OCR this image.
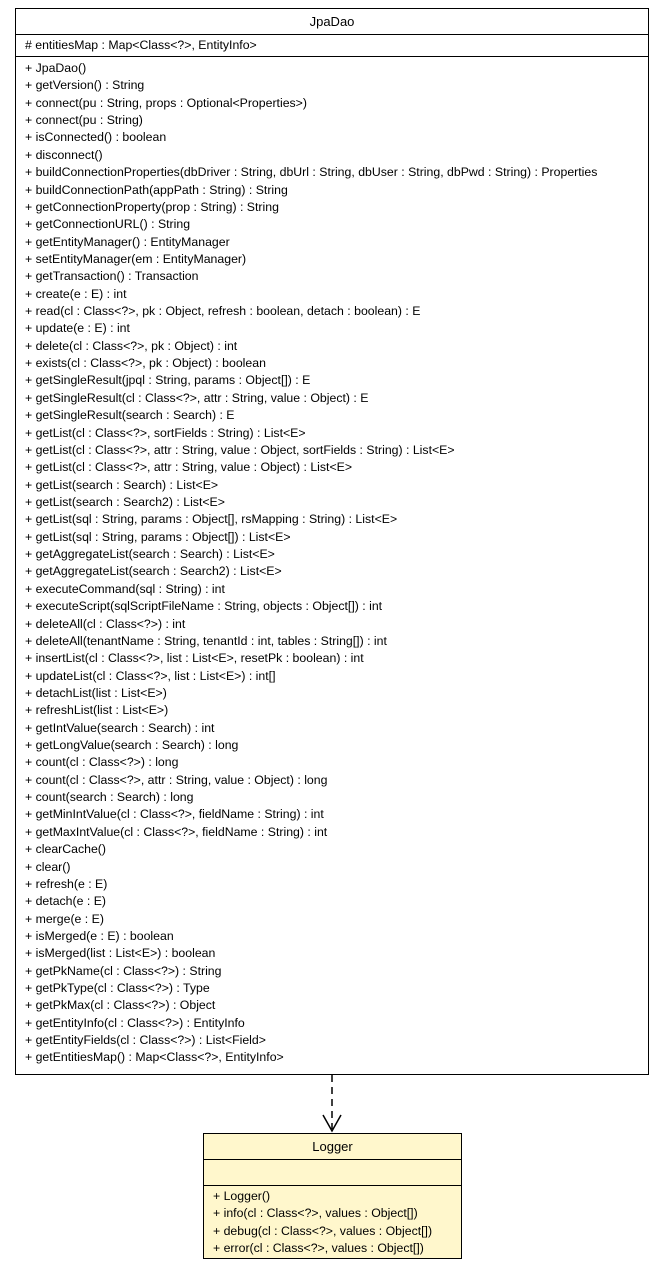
JpaDao
# entitiesMap : Map<Class<?>, EntityInfo>
+ JpaDao()
+ getVersion() : String
+ connect(pu : String, props : Optional<Properties>)
+ connect(pu : String)
+ isConnected() : boolean
+ disconnect()
+ buildConnectionProperties(dbDriver : String, dbUrl : String, dbUser : String, dbPwd : String) : Properties
+ buildConnectionPath(appPath : String) : String
+ getConnectionProperty(prop : String) : String
+ getConnectionURL() : String
+ getEntityManager() : EntityManager
+ setEntityManager(em : EntityManager)
+ getTransaction() : Transaction
+ create(e : E) : int
+ read(cl : Class<?>, pk : Object, refresh : boolean, detach : boolean) : E
+ update(e : E) : int
+ delete(cl : Class<?>, pk : Object) : int
+ exists(cl : Class<?>, pk : Object) : boolean
+ getSingleResult(jpql : String, params : Object[]) : E
+ getSingleResult(cl : Class<?>, attr : String, value : Object) : E
+ getSingleResult(search : Search) : E
+ getList(cl : Class<?>, sortFields : String) : List<E>
+ getList(cl : Class<?>, attr : String, value : Object, sortFields : String) : List<E>
+ getList(cl : Class<?>, attr : String, value : Object) : List<E>
+ getList(search : Search) : List<E>
+ getList(search : Search2) : List<E>
+ getList(sql : String, params : Object[], rsMapping : String) : List<E>
+ getList(sql : String, params : Object[]) : List<E>
+ getAggregateList(search : Search) : List<E>
+ getAggregateList(search : Search2) : List<E>
+ executeCommand(sql : String) : int
+ executeScript(sqlScriptFileName : String, objects : Object[]) : int
+ deleteAll(cl : Class<?>) : int
+ deleteAll(tenantName : String, tenantId : int, tables : String[]) : int
+ insertList(cl : Class<?>, list : List<E>, resetPk : boolean) : int
+ updateList(cl : Class<?>, list : List<E>) : int[]
+ detachList(list : List<E>)
+ refreshList(list : List<E>)
+ getIntValue(search : Search) : int
+ getLongValue(search : Search) : long
+ count(cl : Class<?>) : long
+ count(cl : Class<?>, attr : String, value : Object) : long
+ count(search : Search) : long
+ getMinIntValue(cl : Class<?>, fieldName : String) : int
+ getMaxIntValue(cl : Class<?>, fieldName : String) : int
+ clearCache()
+ clear()
+ refresh(e : E)
+ detach(e : E)
+ merge(e : E)
+ isMerged(e : E) : boolean
+ isMerged(list : List<E>) : boolean
+ getPkName(cl : Class<?>) : String
+ getPkType(cl : Class<?>) : Type
+ getPkMax(cl : Class<?>) : Object
+ getEntityInfo(cl : Class<?>) : EntityInfo
+ getEntityFields(cl : Class<?>) : List<Field>
+ getEntitiesMap() : Map<Class<?>, EntityInfo>
Logger
+ Logger()
+ info(cl : Class<?>, values : Object[])
+ debug(cl : Class<?>, values : Object[])
+ error(cl : Class<?>, values : Object[])
